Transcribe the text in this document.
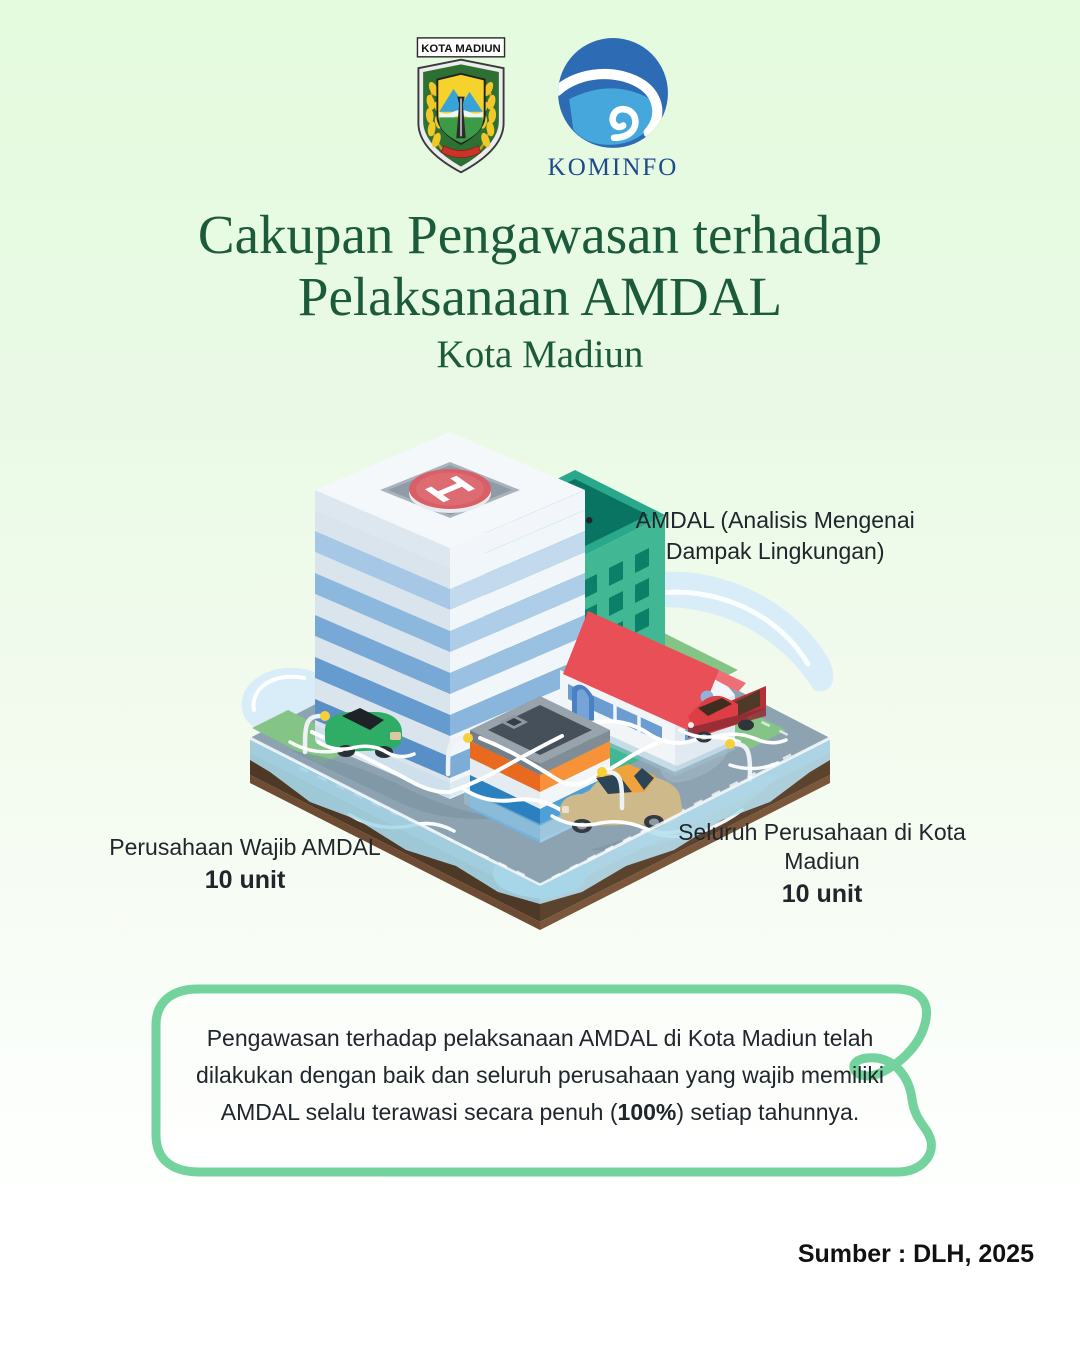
KOTA MADIUN
KOMINFO
Cakupan Pengawasan terhadap
Pelaksanaan AMDAL
Kota Madiun
•	AMDAL (Analisis Mengenai Dampak Lingkungan)
Perusahaan Wajib AMDAL
10 unit
Seluruh Perusahaan di Kota Madiun
10 unit
Pengawasan terhadap pelaksanaan AMDAL di Kota Madiun telah dilakukan dengan baik dan seluruh perusahaan yang wajib memiliki AMDAL selalu terawasi secara penuh (100%) setiap tahunnya.
Sumber : DLH, 2025
